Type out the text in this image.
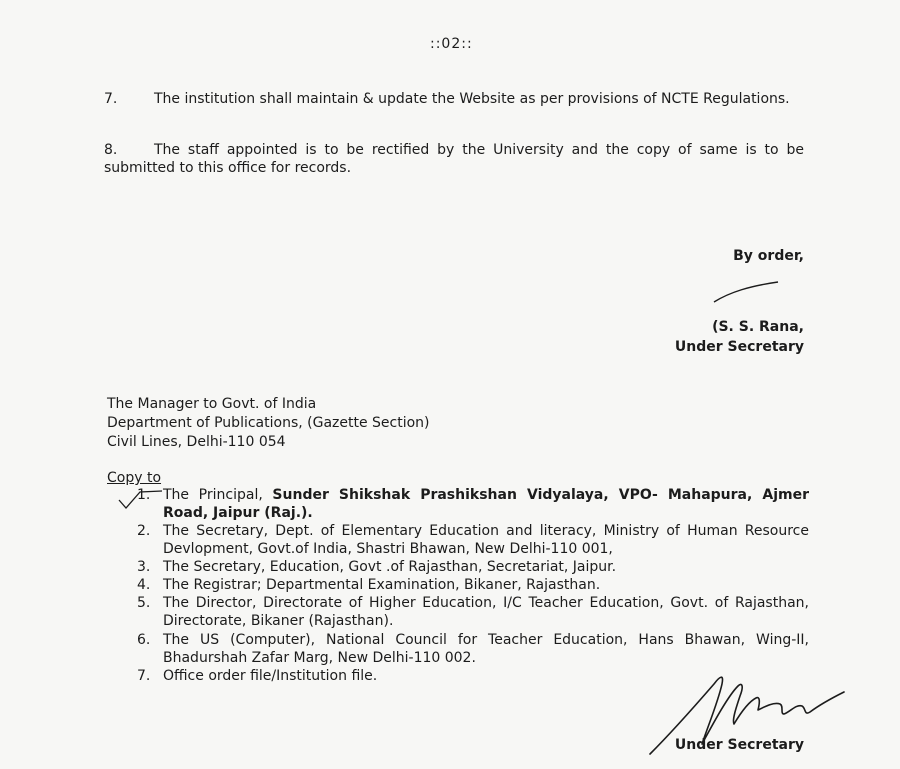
::02::
7.	The institution shall maintain & update the Website as per provisions of NCTE Regulations.
8.	The staff appointed is to be rectified by the University and the copy of same is to be submitted to this office for records.
By order,
(S. S. Rana,
Under Secretary
The Manager to Govt. of India
Department of Publications, (Gazette Section)
Civil Lines, Delhi-110 054
Copy to
1. The Principal, Sunder Shikshak Prashikshan Vidyalaya, VPO- Mahapura, Ajmer Road, Jaipur (Raj.).
2. The Secretary, Dept. of Elementary Education and literacy, Ministry of Human Resource Devlopment, Govt.of India, Shastri Bhawan, New Delhi-110 001,
3. The Secretary, Education, Govt .of Rajasthan, Secretariat, Jaipur.
4. The Registrar; Departmental Examination, Bikaner, Rajasthan.
5. The Director, Directorate of Higher Education, I/C Teacher Education, Govt. of Rajasthan, Directorate, Bikaner (Rajasthan).
6. The US (Computer), National Council for Teacher Education, Hans Bhawan, Wing-II, Bhadurshah Zafar Marg, New Delhi-110 002.
7. Office order file/Institution file.
Under Secretary
